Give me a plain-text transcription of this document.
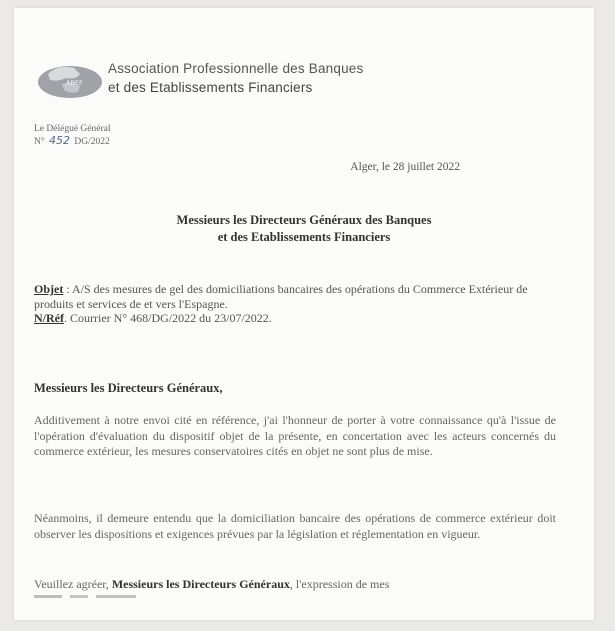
ABEF
Association Professionnelle des Banques
et des Etablissements Financiers
Le Délégué Général
N° 452 DG/2022
Alger, le 28 juillet 2022
Messieurs les Directeurs Généraux des Banques
et des Etablissements Financiers
Objet : A/S des mesures de gel des domiciliations bancaires des opérations du Commerce Extérieur de produits et services de et vers l'Espagne.
N/Réf. Courrier N° 468/DG/2022 du 23/07/2022.
Messieurs les Directeurs Généraux,
Additivement à notre envoi cité en référence, j'ai l'honneur de porter à votre connaissance qu'à l'issue de l'opération d'évaluation du dispositif objet de la présente, en concertation avec les acteurs concernés du commerce extérieur, les mesures conservatoires cités en objet ne sont plus de mise.
Néanmoins, il demeure entendu que la domiciliation bancaire des opérations de commerce extérieur doit observer les dispositions et exigences prévues par la législation et réglementation en vigueur.
Veuillez agréer, Messieurs les Directeurs Généraux, l'expression de mes
